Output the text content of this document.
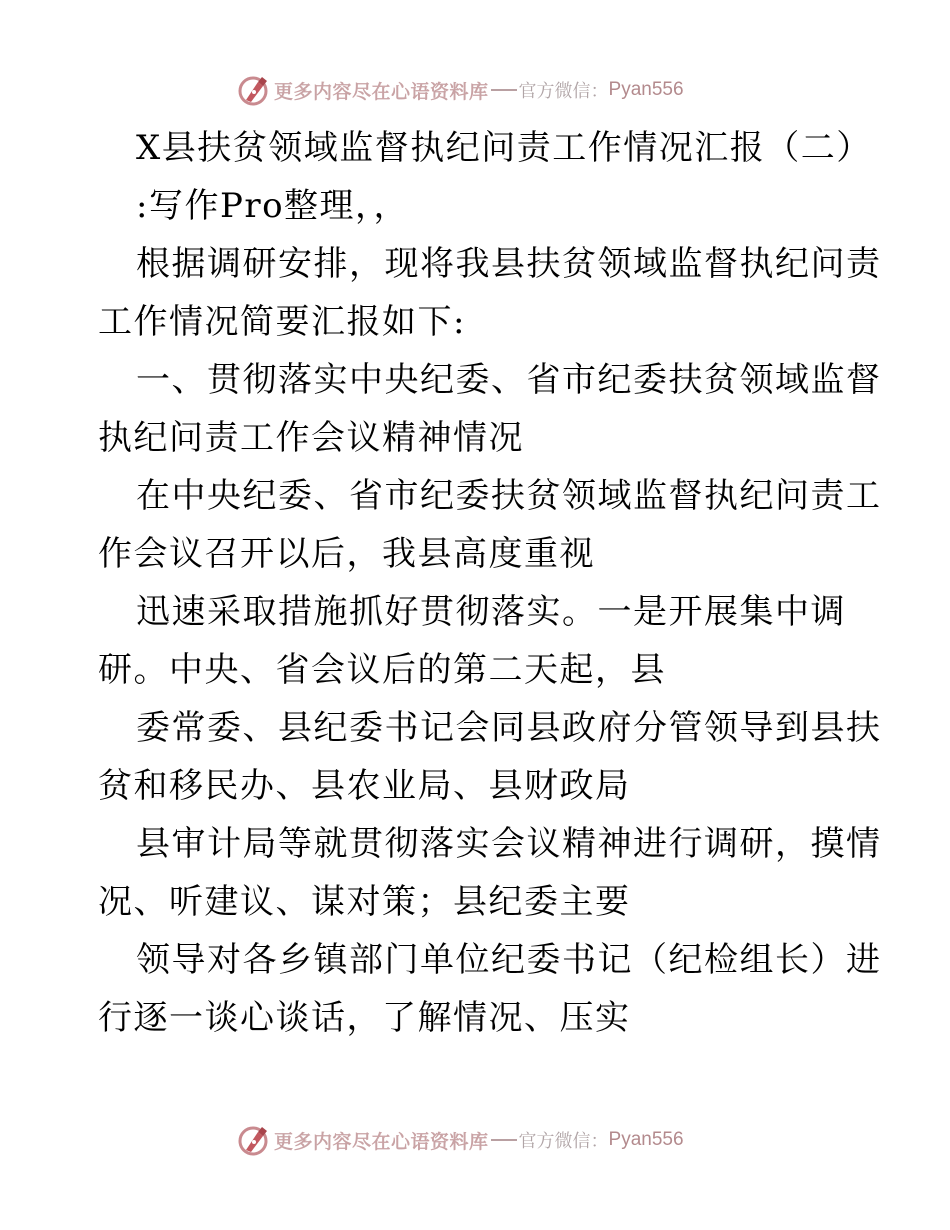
更多内容尽在心语资料库 官方微信： Pyan556
X县扶贫领域监督执纪问责工作情况汇报（二）
:写作Pro整理，，
根据调研安排，现将我县扶贫领域监督执纪问责
工作情况简要汇报如下:
一、贯彻落实中央纪委、省市纪委扶贫领域监督
执纪问责工作会议精神情况
在中央纪委、省市纪委扶贫领域监督执纪问责工
作会议召开以后，我县高度重视
迅速采取措施抓好贯彻落实。一是开展集中调
研。中央、省会议后的第二天起，县
委常委、县纪委书记会同县政府分管领导到县扶
贫和移民办、县农业局、县财政局
县审计局等就贯彻落实会议精神进行调研，摸情
况、听建议、谋对策；县纪委主要
领导对各乡镇部门单位纪委书记（纪检组长）进
行逐一谈心谈话，了解情况、压实
更多内容尽在心语资料库 官方微信： Pyan556
